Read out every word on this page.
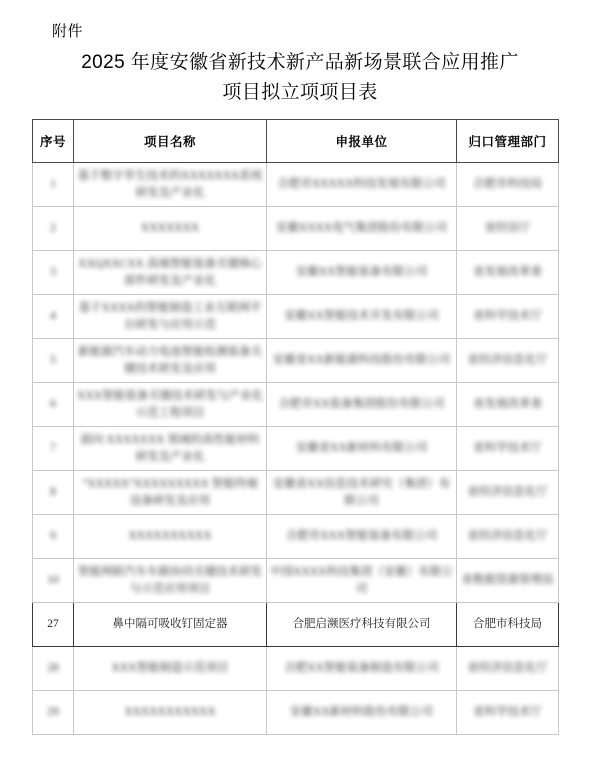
附件
2025 年度安徽省新技术新产品新场景联合应用推广
项目拟立项项目表
序号	项目名称	申报单位	归口管理部门

1	基于数字孪生技术的XXXXXXX系统研发及产业化	合肥市XXXXX科技发展有限公司	合肥市科技局

2	XXXXXXX	安徽XXXX电气集团股份有限公司	省经信厅

3	XXQXXCXX 高端智能装备关键核心部件研发及产业化	安徽XX智能装备有限公司	省发展改革委

4	基于XXXX的智能制造工业互联网平台研发与应用示范	安徽XX智能技术开发有限公司	省科学技术厅

5	新能源汽车动力电池智能检测装备关键技术研发及应用	安徽省XX新能源科技股份有限公司	省经济信息化厅

6	XXX智能装备关键技术研发与产业化示范工程项目	合肥市XX装备集团股份有限公司	省发展改革委

7	面向 XXXXXXX 领域的高性能材料研发及产业化	安徽省XX新材料有限公司	省科学技术厅

8	“XXXXX”XXXXXXXXX 智能终端设备研发及应用	安徽省XX信息技术研究（集团）有限公司	省经济信息化厅

9	XXXXXXXXXX	合肥市XXX智能装备有限公司	省经济信息化厅

10	智能网联汽车车路协同关键技术研发与示范应用项目	中国XXXX科技集团（安徽）有限公司	省数据资源管理局

27	鼻中隔可吸收钉固定器	合肥启濒医疗科技有限公司	合肥市科技局

28	XXX智能制造示范项目	合肥XX智能装备制造有限公司	省经济信息化厅

29	XXXXXXXXXXX	安徽XX新材料股份有限公司	省科学技术厅
